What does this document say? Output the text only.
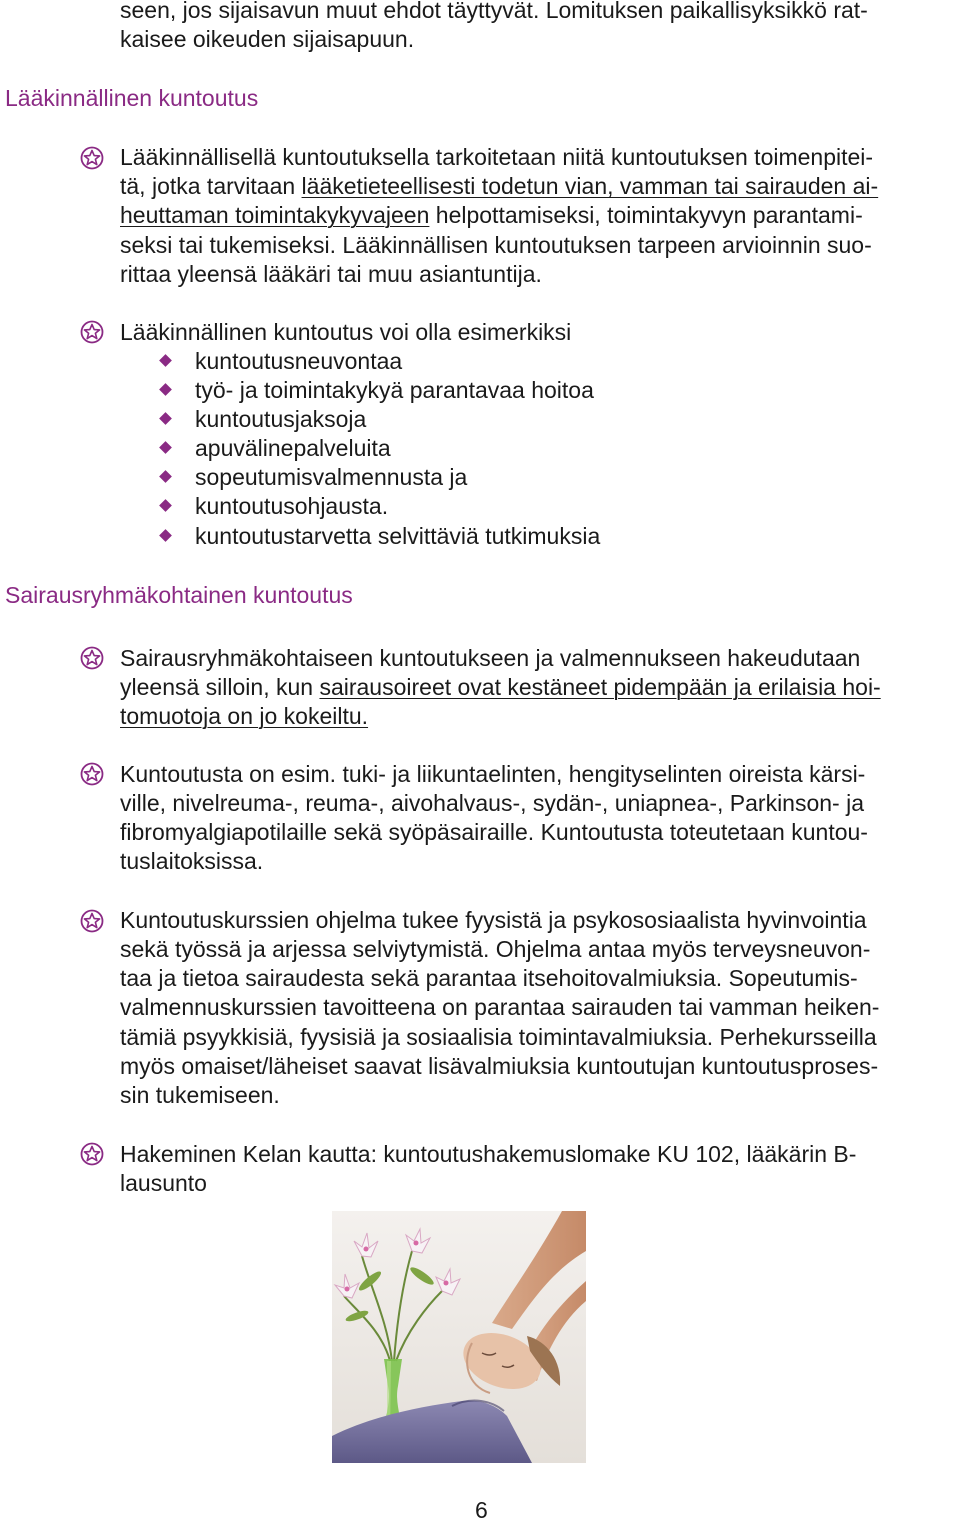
seen, jos sijaisavun muut ehdot täyttyvät. Lomituksen paikallisyksikkö rat-
kaisee oikeuden sijaisapuun.
Lääkinnällinen kuntoutus
Lääkinnällisellä kuntoutuksella tarkoitetaan niitä kuntoutuksen toimenpitei-
tä, jotka tarvitaan lääketieteellisesti todetun vian, vamman tai sairauden ai-
heuttaman toimintakykyvajeen helpottamiseksi, toimintakyvyn parantami-
seksi tai tukemiseksi. Lääkinnällisen kuntoutuksen tarpeen arvioinnin suo-
rittaa yleensä lääkäri tai muu asiantuntija.
Lääkinnällinen kuntoutus voi olla esimerkiksi
kuntoutusneuvontaa
työ- ja toimintakykyä parantavaa hoitoa
kuntoutusjaksoja
apuvälinepalveluita
sopeutumisvalmennusta ja
kuntoutusohjausta.
kuntoutustarvetta selvittäviä tutkimuksia
Sairausryhmäkohtainen kuntoutus
Sairausryhmäkohtaiseen kuntoutukseen ja valmennukseen hakeudutaan
yleensä silloin, kun sairausoireet ovat kestäneet pidempään ja erilaisia hoi-
tomuotoja on jo kokeiltu.
Kuntoutusta on esim. tuki- ja liikuntaelinten, hengityselinten oireista kärsi-
ville, nivelreuma-, reuma-, aivohalvaus-, sydän-, uniapnea-, Parkinson- ja
fibromyalgiapotilaille sekä syöpäsairaille. Kuntoutusta toteutetaan kuntou-
tuslaitoksissa.
Kuntoutuskurssien ohjelma tukee fyysistä ja psykososiaalista hyvinvointia
sekä työssä ja arjessa selviytymistä. Ohjelma antaa myös terveysneuvon-
taa ja tietoa sairaudesta sekä parantaa itsehoitovalmiuksia. Sopeutumis-
valmennuskurssien tavoitteena on parantaa sairauden tai vamman heiken-
tämiä psyykkisiä, fyysisiä ja sosiaalisia toimintavalmiuksia. Perhekursseilla
myös omaiset/läheiset saavat lisävalmiuksia kuntoutujan kuntoutusproses-
sin tukemiseen.
Hakeminen Kelan kautta: kuntoutushakemuslomake KU 102, lääkärin B-
lausunto
6
